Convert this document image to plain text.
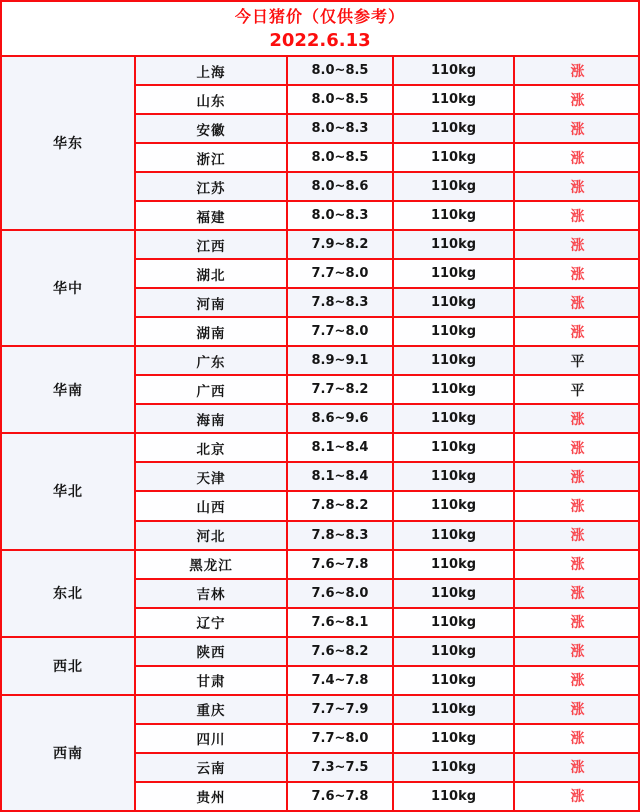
今日猪价（仅供参考）
2022.6.13
华东	上海	8.0~8.5	110kg	涨
	山东	8.0~8.5	110kg	涨
	安徽	8.0~8.3	110kg	涨
	浙江	8.0~8.5	110kg	涨
	江苏	8.0~8.6	110kg	涨
	福建	8.0~8.3	110kg	涨
华中	江西	7.9~8.2	110kg	涨
	湖北	7.7~8.0	110kg	涨
	河南	7.8~8.3	110kg	涨
	湖南	7.7~8.0	110kg	涨
华南	广东	8.9~9.1	110kg	平
	广西	7.7~8.2	110kg	平
	海南	8.6~9.6	110kg	涨
华北	北京	8.1~8.4	110kg	涨
	天津	8.1~8.4	110kg	涨
	山西	7.8~8.2	110kg	涨
	河北	7.8~8.3	110kg	涨
东北	黑龙江	7.6~7.8	110kg	涨
	吉林	7.6~8.0	110kg	涨
	辽宁	7.6~8.1	110kg	涨
西北	陕西	7.6~8.2	110kg	涨
	甘肃	7.4~7.8	110kg	涨
西南	重庆	7.7~7.9	110kg	涨
	四川	7.7~8.0	110kg	涨
	云南	7.3~7.5	110kg	涨
	贵州	7.6~7.8	110kg	涨
